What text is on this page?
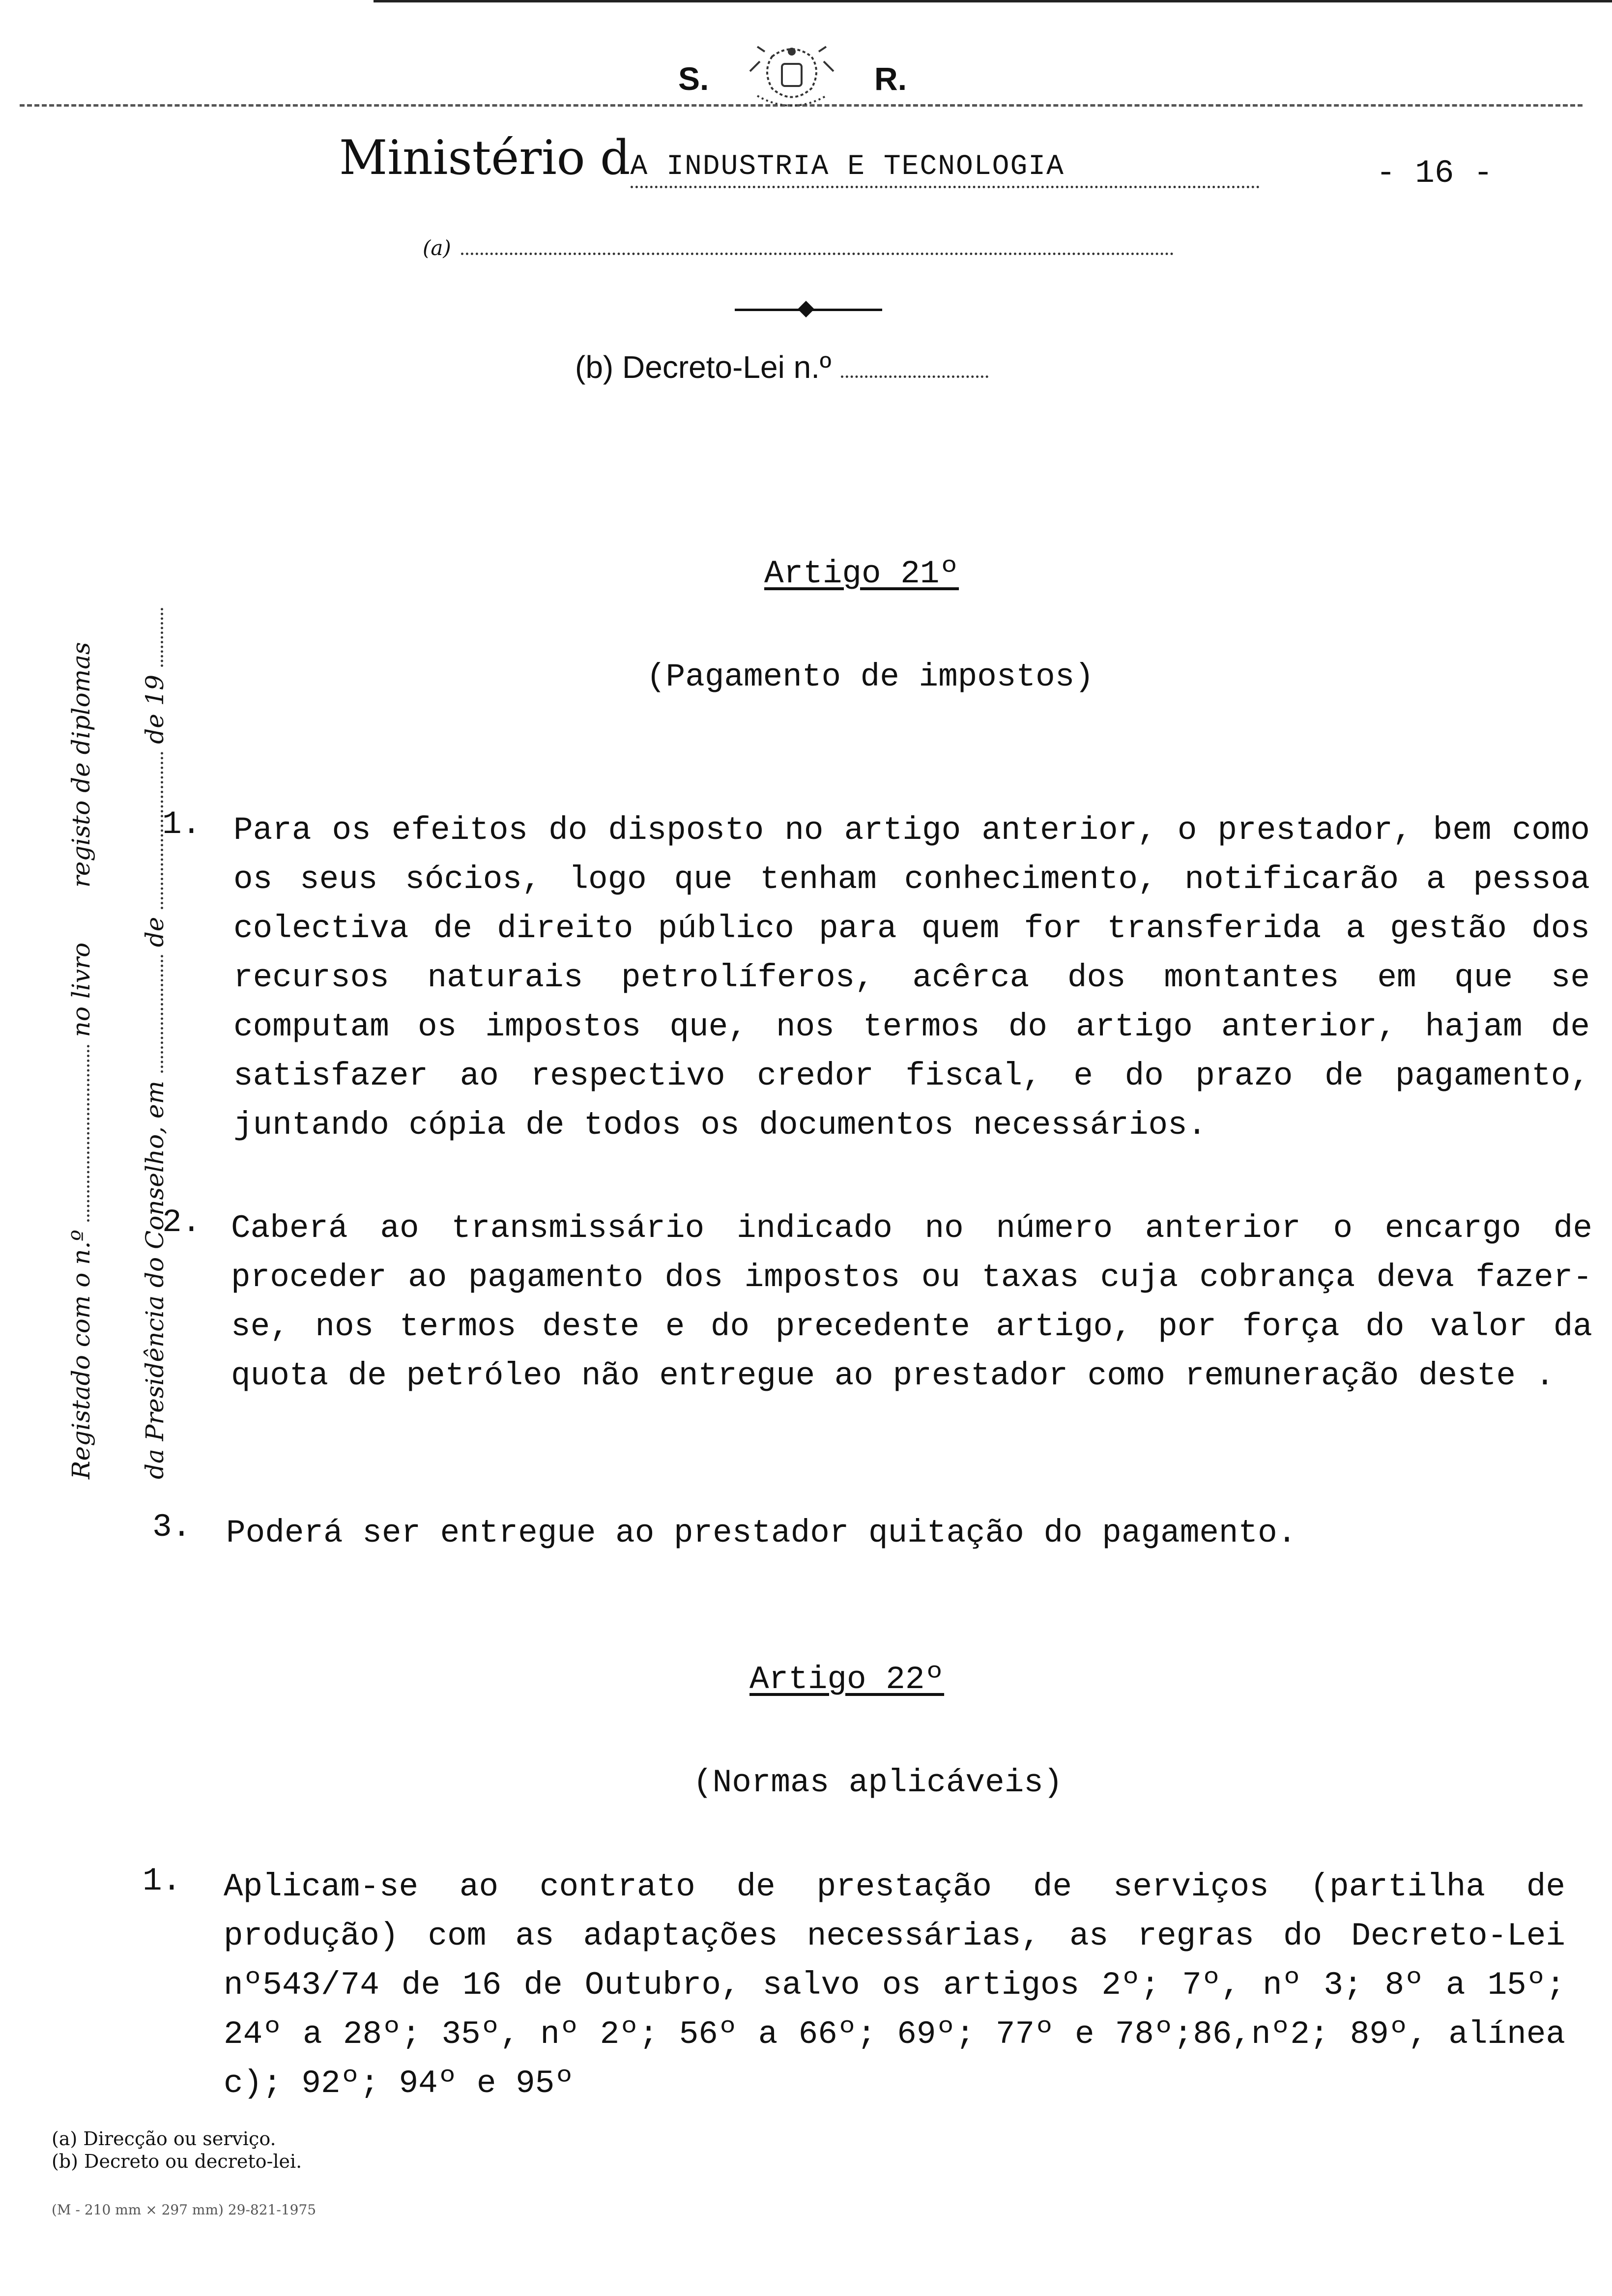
S.	R.
Ministério dA INDUSTRIA E TECNOLOGIA	- 16 -
(a)
(b) Decreto-Lei n.º
Registado com o n.º  no livro  registo de diplomas
da Presidência do Conselho, em  de  de 19
Artigo 21º
(Pagamento de impostos)
1. Para os efeitos do disposto no artigo anterior, o prestador, bem como os seus sócios, logo que tenham conhecimento, notificarão a pessoa colectiva de direito público para quem for transferida a gestão dos recursos naturais petrolíferos, acêrca dos montantes em que se computam os impostos que, nos termos do artigo anterior, hajam de satisfazer ao respectivo credor fiscal, e do prazo de pagamento, juntando cópia de todos os documentos necessários.
2. Caberá ao transmissário indicado no número anterior o encargo de proceder ao pagamento dos impostos ou taxas cuja cobrança deva fazer-se, nos termos deste e do precedente artigo, por força do valor da quota de petróleo não entregue ao prestador como remuneração deste .
3. Poderá ser entregue ao prestador quitação do pagamento.
Artigo 22º
(Normas aplicáveis)
1. Aplicam-se ao contrato de prestação de serviços (partilha de produção) com as adaptações necessárias, as regras do Decreto-Lei nº543/74 de 16 de Outubro, salvo os artigos 2º; 7º, nº 3; 8º a 15º; 24º a 28º; 35º, nº 2º; 56º a 66º; 69º; 77º e 78º;86,nº2; 89º, alínea c); 92º; 94º e 95º
(a) Direcção ou serviço.
(b) Decreto ou decreto-lei.
(M - 210 mm × 297 mm) 29-821-1975
